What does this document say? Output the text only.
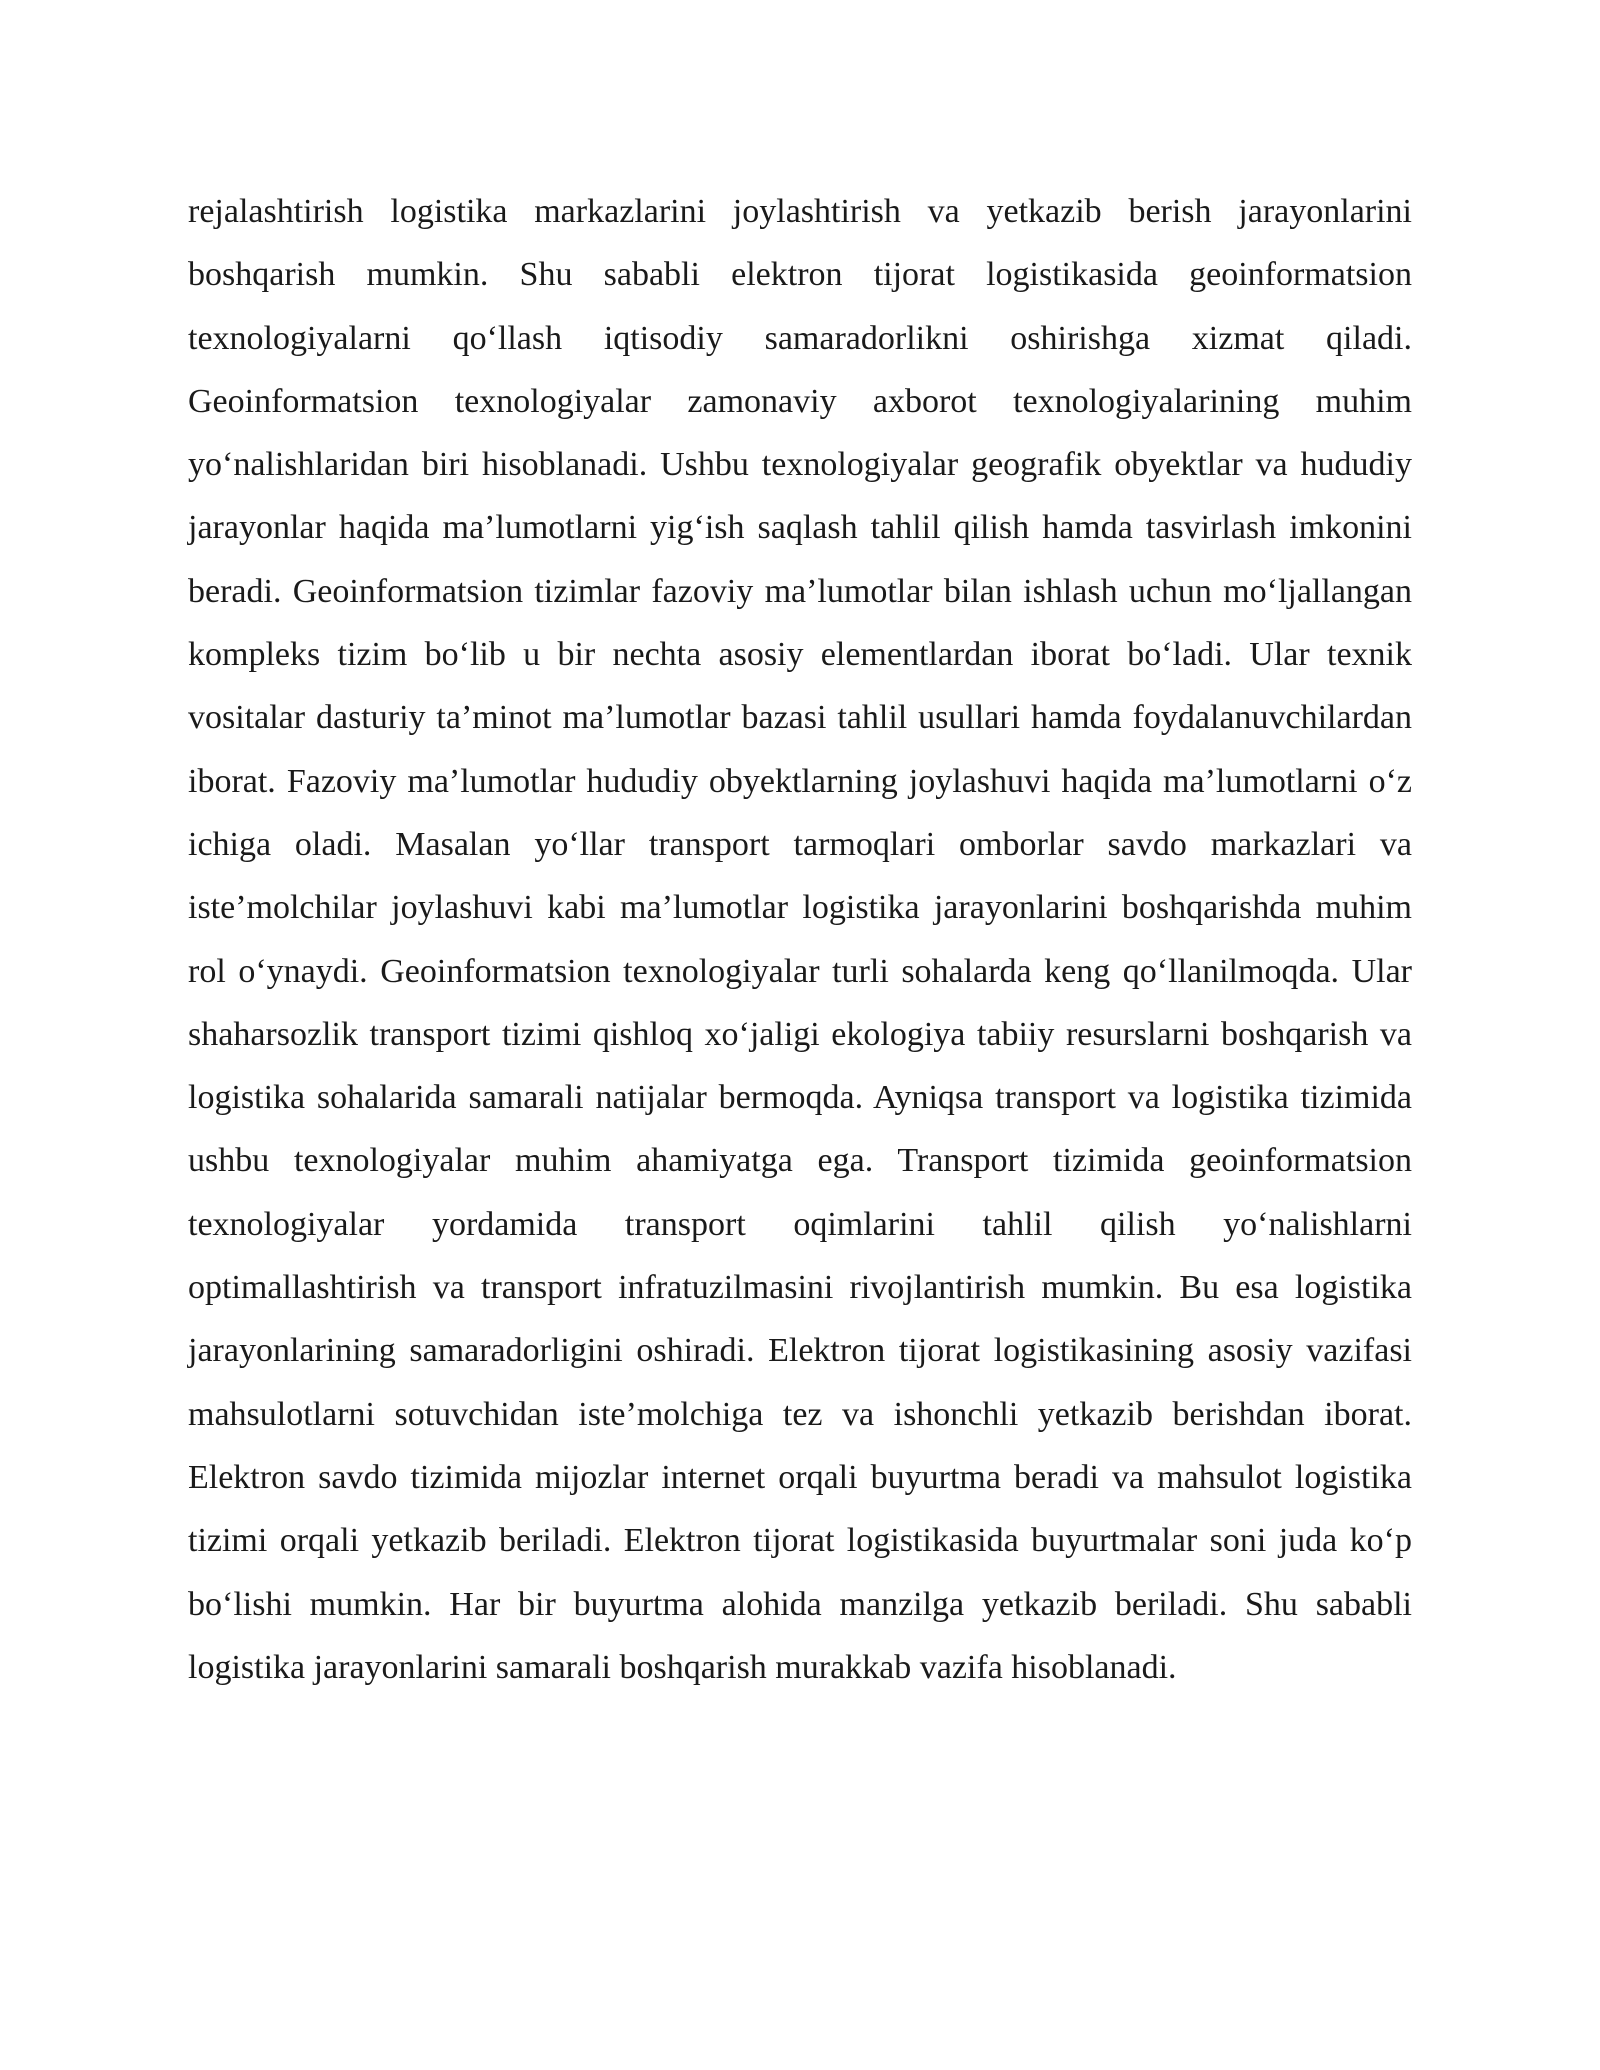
rejalashtirish logistika markazlarini joylashtirish va yetkazib berish jarayonlarini boshqarish mumkin. Shu sababli elektron tijorat logistikasida geoinformatsion texnologiyalarni qo‘llash iqtisodiy samaradorlikni oshirishga xizmat qiladi. Geoinformatsion texnologiyalar zamonaviy axborot texnologiyalarining muhim yo‘nalishlaridan biri hisoblanadi. Ushbu texnologiyalar geografik obyektlar va hududiy jarayonlar haqida ma’lumotlarni yig‘ish saqlash tahlil qilish hamda tasvirlash imkonini beradi. Geoinformatsion tizimlar fazoviy ma’lumotlar bilan ishlash uchun mo‘ljallangan kompleks tizim bo‘lib u bir nechta asosiy elementlardan iborat bo‘ladi. Ular texnik vositalar dasturiy ta’minot ma’lumotlar bazasi tahlil usullari hamda foydalanuvchilardan iborat. Fazoviy ma’lumotlar hududiy obyektlarning joylashuvi haqida ma’lumotlarni o‘z ichiga oladi. Masalan yo‘llar transport tarmoqlari omborlar savdo markazlari va iste’molchilar joylashuvi kabi ma’lumotlar logistika jarayonlarini boshqarishda muhim rol o‘ynaydi. Geoinformatsion texnologiyalar turli sohalarda keng qo‘llanilmoqda. Ular shaharsozlik transport tizimi qishloq xo‘jaligi ekologiya tabiiy resurslarni boshqarish va logistika sohalarida samarali natijalar bermoqda. Ayniqsa transport va logistika tizimida ushbu texnologiyalar muhim ahamiyatga ega. Transport tizimida geoinformatsion texnologiyalar yordamida transport oqimlarini tahlil qilish yo‘nalishlarni optimallashtirish va transport infratuzilmasini rivojlantirish mumkin. Bu esa logistika jarayonlarining samaradorligini oshiradi. Elektron tijorat logistikasining asosiy vazifasi mahsulotlarni sotuvchidan iste’molchiga tez va ishonchli yetkazib berishdan iborat. Elektron savdo tizimida mijozlar internet orqali buyurtma beradi va mahsulot logistika tizimi orqali yetkazib beriladi. Elektron tijorat logistikasida buyurtmalar soni juda ko‘p bo‘lishi mumkin. Har bir buyurtma alohida manzilga yetkazib beriladi. Shu sababli logistika jarayonlarini samarali boshqarish murakkab vazifa hisoblanadi.
